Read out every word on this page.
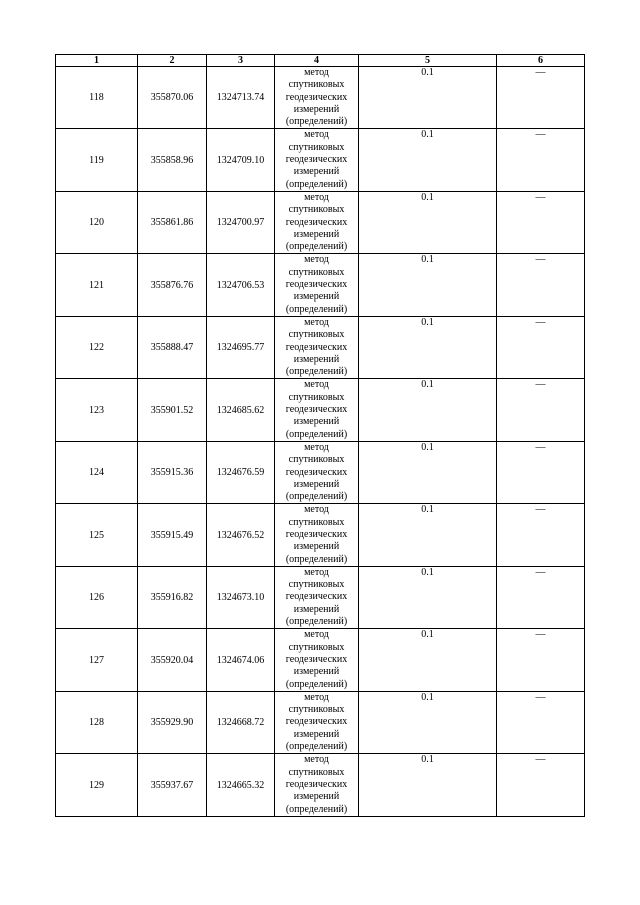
1	2	3	4	5	6
118	355870.06	1324713.74	метод
спутниковых
геодезических
измерений
(определений)	0.1	—
119	355858.96	1324709.10	метод
спутниковых
геодезических
измерений
(определений)	0.1	—
120	355861.86	1324700.97	метод
спутниковых
геодезических
измерений
(определений)	0.1	—
121	355876.76	1324706.53	метод
спутниковых
геодезических
измерений
(определений)	0.1	—
122	355888.47	1324695.77	метод
спутниковых
геодезических
измерений
(определений)	0.1	—
123	355901.52	1324685.62	метод
спутниковых
геодезических
измерений
(определений)	0.1	—
124	355915.36	1324676.59	метод
спутниковых
геодезических
измерений
(определений)	0.1	—
125	355915.49	1324676.52	метод
спутниковых
геодезических
измерений
(определений)	0.1	—
126	355916.82	1324673.10	метод
спутниковых
геодезических
измерений
(определений)	0.1	—
127	355920.04	1324674.06	метод
спутниковых
геодезических
измерений
(определений)	0.1	—
128	355929.90	1324668.72	метод
спутниковых
геодезических
измерений
(определений)	0.1	—
129	355937.67	1324665.32	метод
спутниковых
геодезических
измерений
(определений)	0.1	—
